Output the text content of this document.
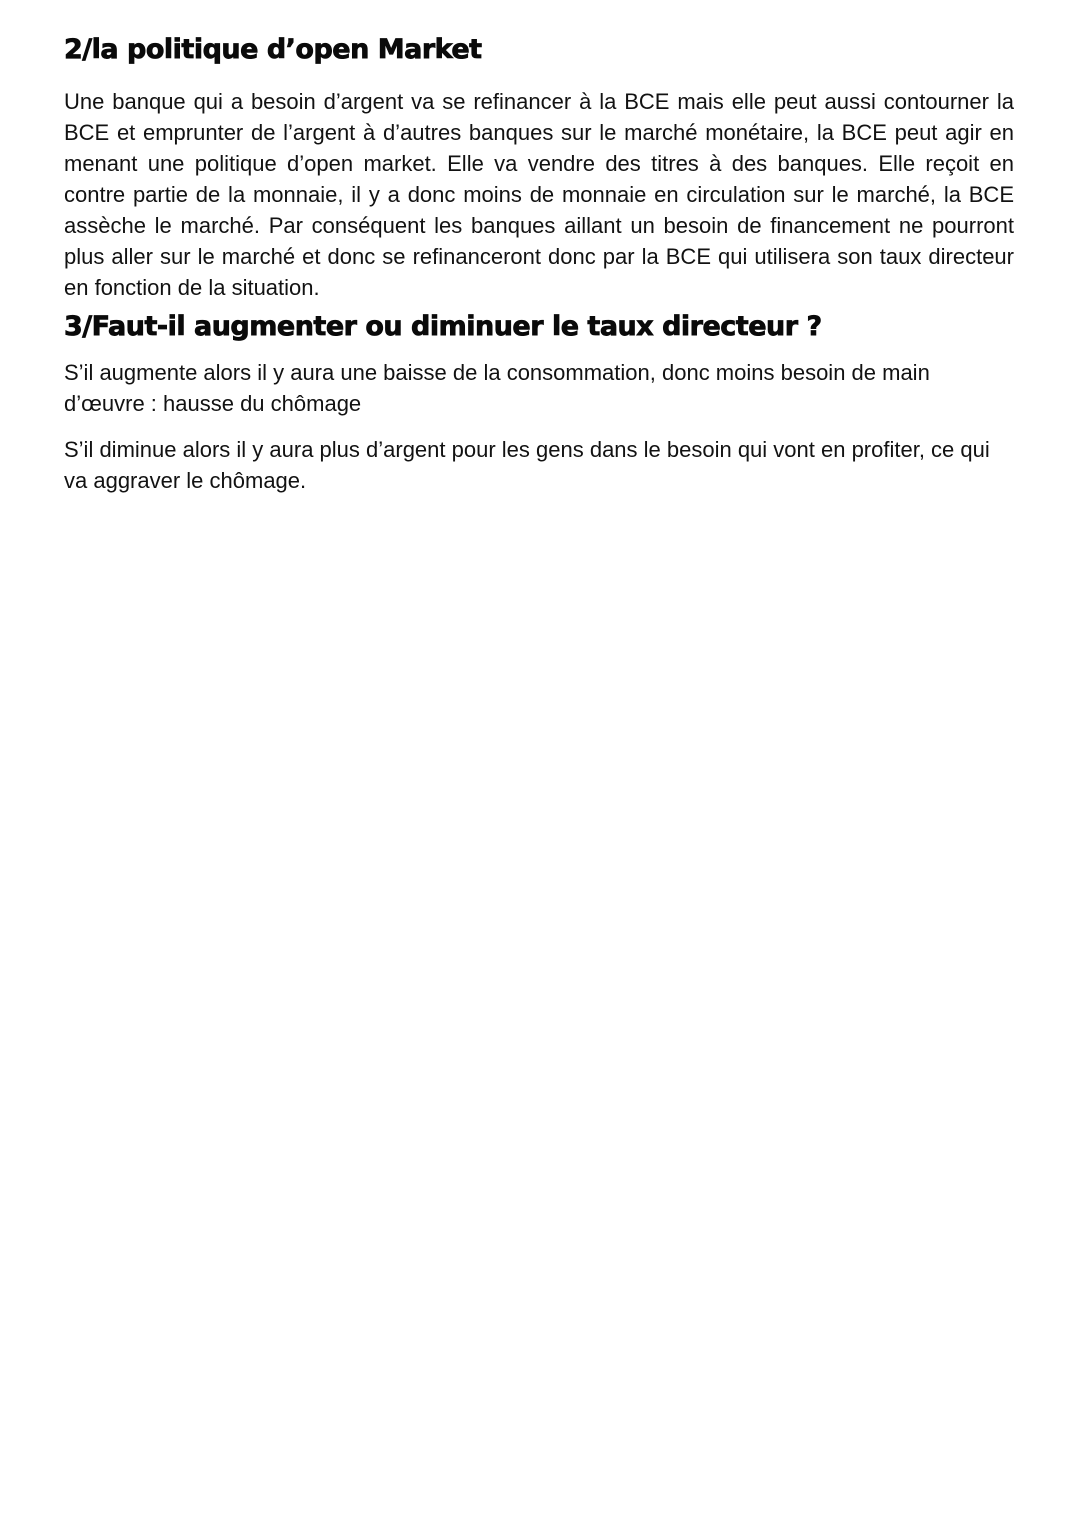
2/la politique d’open Market

Une banque qui a besoin d’argent va se refinancer à la BCE mais elle peut aussi contourner la BCE et emprunter de l’argent à d’autres banques sur le marché monétaire, la BCE peut agir en menant une politique d’open market. Elle va vendre des titres à des banques. Elle reçoit en contre partie de la monnaie, il y a donc moins de monnaie en circulation sur le marché, la BCE assèche le marché. Par conséquent les banques aillant un besoin de financement ne pourront plus aller sur le marché et donc se refinanceront donc par la BCE qui utilisera son taux directeur en fonction de la situation.

3/Faut-il augmenter ou diminuer le taux directeur ?

S’il augmente alors il y aura une baisse de la consommation, donc moins besoin de main d’œuvre : hausse du chômage

S’il diminue alors il y aura plus d’argent pour les gens dans le besoin qui vont en profiter, ce qui va aggraver le chômage.
